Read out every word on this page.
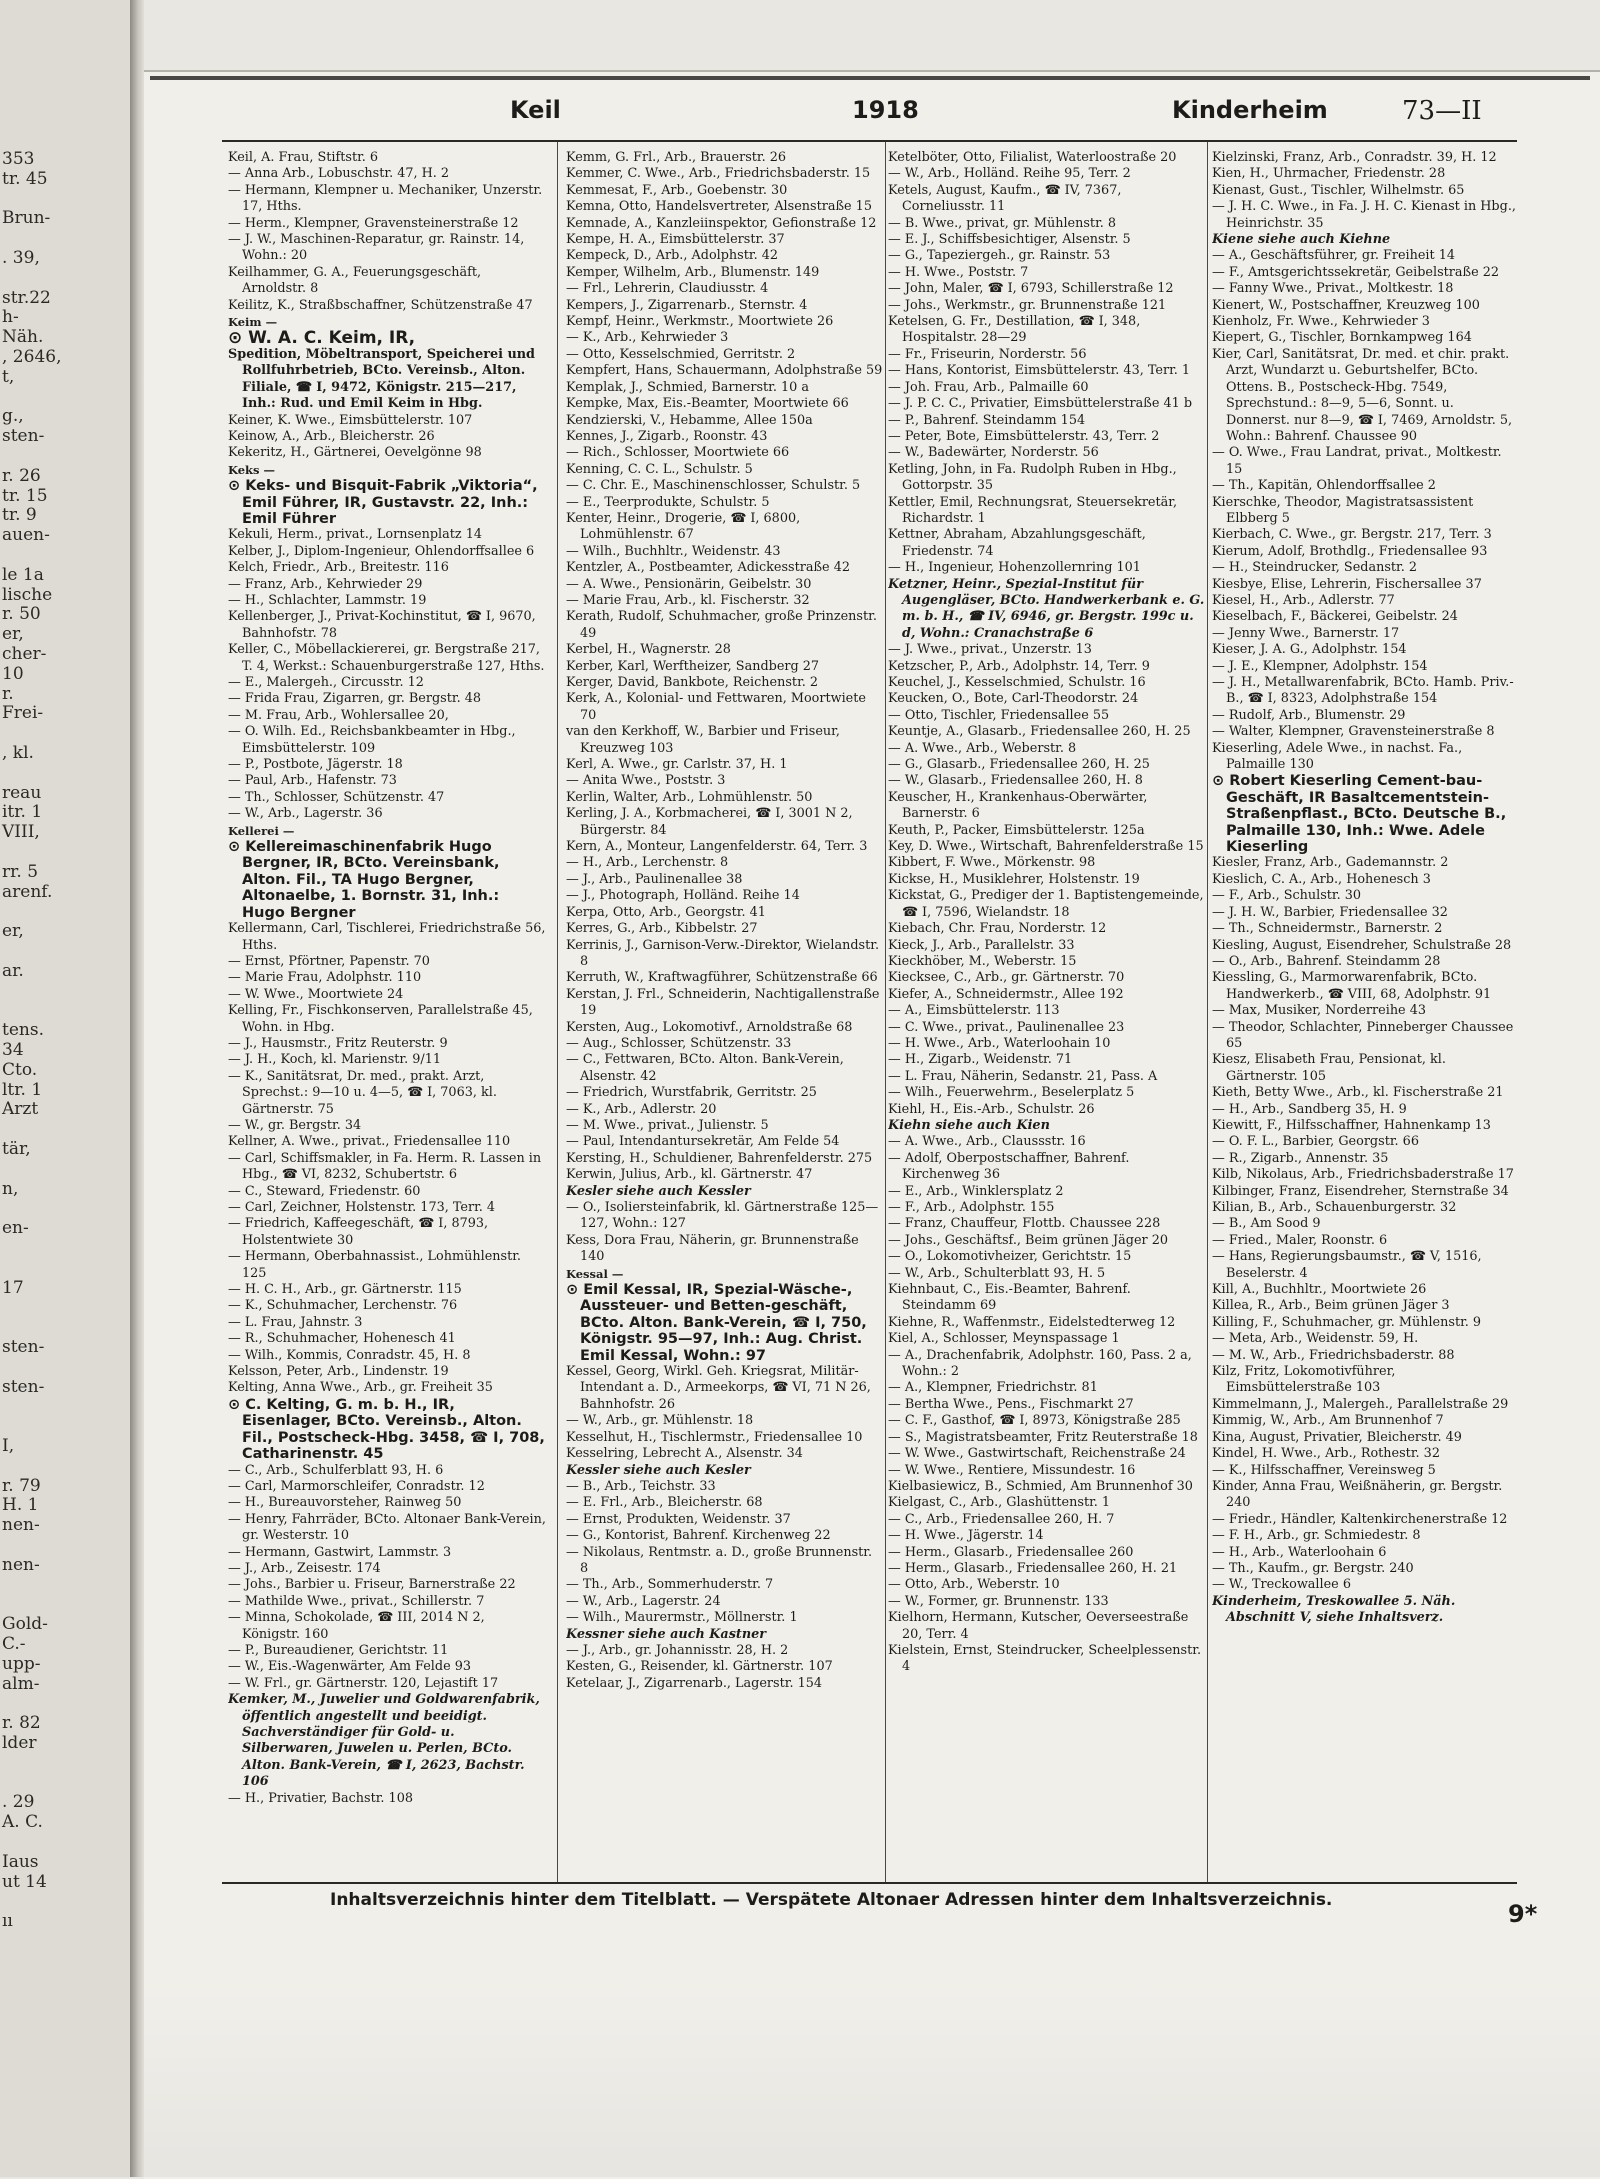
353
tr. 45
Brun-
. 39,
str.22
h-
Näh.
, 2646,
t,
g.,
sten-
r. 26
tr. 15
tr. 9
auen-
le 1a
lische
r. 50
er,
cher-
10
r.
Frei-
, kl.
reau
itr. 1
VIII,
rr. 5
arenf.
er,
ar.
tens.
34
Cto.
ltr. 1
Arzt
tär,
n,
en-
17
sten-
sten-
I,
r. 79
H. 1
nen-
nen-
Gold-
C.-
upp-
alm-
r. 82
lder
. 29
A. C.
Iaus
ut 14
ıı
Keil	1918	Kinderheim	73—II
Keil, A. Frau, Stiftstr. 6
— Anna Arb., Lobuschstr. 47, H. 2
— Hermann, Klempner u. Mechaniker, Unzerstr. 17, Hths.
— Herm., Klempner, Gravensteinerstraße 12
— J. W., Maschinen-Reparatur, gr. Rainstr. 14, Wohn.: 20
Keilhammer, G. A., Feuerungsgeschäft, Arnoldstr. 8
Keilitz, K., Straßbschaffner, Schützenstraße 47
Keim —
⊙ W. A. C. Keim, IR,
Spedition, Möbeltransport, Speicherei und Rollfuhrbetrieb, BCto. Vereinsb., Alton. Filiale, ☎ I, 9472, Königstr. 215—217, Inh.: Rud. und Emil Keim in Hbg.
Keiner, K. Wwe., Eimsbüttelerstr. 107
Keinow, A., Arb., Bleicherstr. 26
Kekeritz, H., Gärtnerei, Oevelgönne 98
Keks —
⊙ Keks- und Bisquit-Fabrik „Viktoria“, Emil Führer, IR, Gustavstr. 22, Inh.: Emil Führer
Kekuli, Herm., privat., Lornsenplatz 14
Kelber, J., Diplom-Ingenieur, Ohlendorffsallee 6
Kelch, Friedr., Arb., Breitestr. 116
— Franz, Arb., Kehrwieder 29
— H., Schlachter, Lammstr. 19
Kellenberger, J., Privat-Kochinstitut, ☎ I, 9670, Bahnhofstr. 78
Keller, C., Möbellackiererei, gr. Bergstraße 217, T. 4, Werkst.: Schauenburgerstraße 127, Hths.
— E., Malergeh., Circusstr. 12
— Frida Frau, Zigarren, gr. Bergstr. 48
— M. Frau, Arb., Wohlersallee 20,
— O. Wilh. Ed., Reichsbankbeamter in Hbg., Eimsbüttelerstr. 109
— P., Postbote, Jägerstr. 18
— Paul, Arb., Hafenstr. 73
— Th., Schlosser, Schützenstr. 47
— W., Arb., Lagerstr. 36
Kellerei —
⊙ Kellereimaschinenfabrik Hugo Bergner, IR, BCto. Vereinsbank, Alton. Fil., TA Hugo Bergner, Altonaelbe, 1. Bornstr. 31, Inh.: Hugo Bergner
Kellermann, Carl, Tischlerei, Friedrichstraße 56, Hths.
— Ernst, Pförtner, Papenstr. 70
— Marie Frau, Adolphstr. 110
— W. Wwe., Moortwiete 24
Kelling, Fr., Fischkonserven, Parallelstraße 45, Wohn. in Hbg.
— J., Hausmstr., Fritz Reuterstr. 9
— J. H., Koch, kl. Marienstr. 9/11
— K., Sanitätsrat, Dr. med., prakt. Arzt, Sprechst.: 9—10 u. 4—5, ☎ I, 7063, kl. Gärtnerstr. 75
— W., gr. Bergstr. 34
Kellner, A. Wwe., privat., Friedensallee 110
— Carl, Schiffsmakler, in Fa. Herm. R. Lassen in Hbg., ☎ VI, 8232, Schubertstr. 6
— C., Steward, Friedenstr. 60
— Carl, Zeichner, Holstenstr. 173, Terr. 4
— Friedrich, Kaffeegeschäft, ☎ I, 8793, Holstentwiete 30
— Hermann, Oberbahnassist., Lohmühlenstr. 125
— H. C. H., Arb., gr. Gärtnerstr. 115
— K., Schuhmacher, Lerchenstr. 76
— L. Frau, Jahnstr. 3
— R., Schuhmacher, Hohenesch 41
— Wilh., Kommis, Conradstr. 45, H. 8
Kelsson, Peter, Arb., Lindenstr. 19
Kelting, Anna Wwe., Arb., gr. Freiheit 35
⊙ C. Kelting, G. m. b. H., IR, Eisenlager, BCto. Vereinsb., Alton. Fil., Postscheck-Hbg. 3458, ☎ I, 708, Catharinenstr. 45
— C., Arb., Schulferblatt 93, H. 6
— Carl, Marmorschleifer, Conradstr. 12
— H., Bureauvorsteher, Rainweg 50
— Henry, Fahrräder, BCto. Altonaer Bank-Verein, gr. Westerstr. 10
— Hermann, Gastwirt, Lammstr. 3
— J., Arb., Zeisestr. 174
— Johs., Barbier u. Friseur, Barnerstraße 22
— Mathilde Wwe., privat., Schillerstr. 7
— Minna, Schokolade, ☎ III, 2014 N 2, Königstr. 160
— P., Bureaudiener, Gerichtstr. 11
— W., Eis.-Wagenwärter, Am Felde 93
— W. Frl., gr. Gärtnerstr. 120, Lejastift 17
Kemker, M., Juwelier und Goldwarenfabrik, öffentlich angestellt und beeidigt. Sachverständiger für Gold- u. Silberwaren, Juwelen u. Perlen, BCto. Alton. Bank-Verein, ☎ I, 2623, Bachstr. 106
— H., Privatier, Bachstr. 108
Kemm, G. Frl., Arb., Brauerstr. 26
Kemmer, C. Wwe., Arb., Friedrichsbaderstr. 15
Kemmesat, F., Arb., Goebenstr. 30
Kemna, Otto, Handelsvertreter, Alsenstraße 15
Kemnade, A., Kanzleiinspektor, Gefionstraße 12
Kempe, H. A., Eimsbüttelerstr. 37
Kempeck, D., Arb., Adolphstr. 42
Kemper, Wilhelm, Arb., Blumenstr. 149
— Frl., Lehrerin, Claudiusstr. 4
Kempers, J., Zigarrenarb., Sternstr. 4
Kempf, Heinr., Werkmstr., Moortwiete 26
— K., Arb., Kehrwieder 3
— Otto, Kesselschmied, Gerritstr. 2
Kempfert, Hans, Schauermann, Adolphstraße 59
Kemplak, J., Schmied, Barnerstr. 10 a
Kempke, Max, Eis.-Beamter, Moortwiete 66
Kendzierski, V., Hebamme, Allee 150a
Kennes, J., Zigarb., Roonstr. 43
— Rich., Schlosser, Moortwiete 66
Kenning, C. C. L., Schulstr. 5
— C. Chr. E., Maschinenschlosser, Schulstr. 5
— E., Teerprodukte, Schulstr. 5
Kenter, Heinr., Drogerie, ☎ I, 6800, Lohmühlenstr. 67
— Wilh., Buchhltr., Weidenstr. 43
Kentzler, A., Postbeamter, Adickesstraße 42
— A. Wwe., Pensionärin, Geibelstr. 30
— Marie Frau, Arb., kl. Fischerstr. 32
Kerath, Rudolf, Schuhmacher, große Prinzenstr. 49
Kerbel, H., Wagnerstr. 28
Kerber, Karl, Werftheizer, Sandberg 27
Kerger, David, Bankbote, Reichenstr. 2
Kerk, A., Kolonial- und Fettwaren, Moortwiete 70
van den Kerkhoff, W., Barbier und Friseur, Kreuzweg 103
Kerl, A. Wwe., gr. Carlstr. 37, H. 1
— Anita Wwe., Poststr. 3
Kerlin, Walter, Arb., Lohmühlenstr. 50
Kerling, J. A., Korbmacherei, ☎ I, 3001 N 2, Bürgerstr. 84
Kern, A., Monteur, Langenfelderstr. 64, Terr. 3
— H., Arb., Lerchenstr. 8
— J., Arb., Paulinenallee 38
— J., Photograph, Holländ. Reihe 14
Kerpa, Otto, Arb., Georgstr. 41
Kerres, G., Arb., Kibbelstr. 27
Kerrinis, J., Garnison-Verw.-Direktor, Wielandstr. 8
Kerruth, W., Kraftwagführer, Schützenstraße 66
Kerstan, J. Frl., Schneiderin, Nachtigallenstraße 19
Kersten, Aug., Lokomotivf., Arnoldstraße 68
— Aug., Schlosser, Schützenstr. 33
— C., Fettwaren, BCto. Alton. Bank-Verein, Alsenstr. 42
— Friedrich, Wurstfabrik, Gerritstr. 25
— K., Arb., Adlerstr. 20
— M. Wwe., privat., Julienstr. 5
— Paul, Intendantursekretär, Am Felde 54
Kersting, H., Schuldiener, Bahrenfelderstr. 275
Kerwin, Julius, Arb., kl. Gärtnerstr. 47
Kesler siehe auch Kessler
— O., Isoliersteinfabrik, kl. Gärtnerstraße 125—127, Wohn.: 127
Kess, Dora Frau, Näherin, gr. Brunnenstraße 140
Kessal —
⊙ Emil Kessal, IR, Spezial-Wäsche-, Aussteuer- und Betten-geschäft, BCto. Alton. Bank-Verein, ☎ I, 750, Königstr. 95—97, Inh.: Aug. Christ. Emil Kessal, Wohn.: 97
Kessel, Georg, Wirkl. Geh. Kriegsrat, Militär-Intendant a. D., Armeekorps, ☎ VI, 71 N 26, Bahnhofstr. 26
— W., Arb., gr. Mühlenstr. 18
Kesselhut, H., Tischlermstr., Friedensallee 10
Kesselring, Lebrecht A., Alsenstr. 34
Kessler siehe auch Kesler
— B., Arb., Teichstr. 33
— E. Frl., Arb., Bleicherstr. 68
— Ernst, Produkten, Weidenstr. 37
— G., Kontorist, Bahrenf. Kirchenweg 22
— Nikolaus, Rentmstr. a. D., große Brunnenstr. 8
— Th., Arb., Sommerhuderstr. 7
— W., Arb., Lagerstr. 24
— Wilh., Maurermstr., Möllnerstr. 1
Kessner siehe auch Kastner
— J., Arb., gr. Johannisstr. 28, H. 2
Kesten, G., Reisender, kl. Gärtnerstr. 107
Ketelaar, J., Zigarrenarb., Lagerstr. 154
Ketelböter, Otto, Filialist, Waterloostraße 20
— W., Arb., Holländ. Reihe 95, Terr. 2
Ketels, August, Kaufm., ☎ IV, 7367, Corneliusstr. 11
— B. Wwe., privat, gr. Mühlenstr. 8
— E. J., Schiffsbesichtiger, Alsenstr. 5
— G., Tapeziergeh., gr. Rainstr. 53
— H. Wwe., Poststr. 7
— John, Maler, ☎ I, 6793, Schillerstraße 12
— Johs., Werkmstr., gr. Brunnenstraße 121
Ketelsen, G. Fr., Destillation, ☎ I, 348, Hospitalstr. 28—29
— Fr., Friseurin, Norderstr. 56
— Hans, Kontorist, Eimsbüttelerstr. 43, Terr. 1
— Joh. Frau, Arb., Palmaille 60
— J. P. C. C., Privatier, Eimsbüttelerstraße 41 b
— P., Bahrenf. Steindamm 154
— Peter, Bote, Eimsbüttelerstr. 43, Terr. 2
— W., Badewärter, Norderstr. 56
Ketling, John, in Fa. Rudolph Ruben in Hbg., Gottorpstr. 35
Kettler, Emil, Rechnungsrat, Steuersekretär, Richardstr. 1
Kettner, Abraham, Abzahlungsgeschäft, Friedenstr. 74
— H., Ingenieur, Hohenzollernring 101
Ketzner, Heinr., Spezial-Institut für Augengläser, BCto. Handwerkerbank e. G. m. b. H., ☎ IV, 6946, gr. Bergstr. 199c u. d, Wohn.: Cranachstraße 6
— J. Wwe., privat., Unzerstr. 13
Ketzscher, P., Arb., Adolphstr. 14, Terr. 9
Keuchel, J., Kesselschmied, Schulstr. 16
Keucken, O., Bote, Carl-Theodorstr. 24
— Otto, Tischler, Friedensallee 55
Keuntje, A., Glasarb., Friedensallee 260, H. 25
— A. Wwe., Arb., Weberstr. 8
— G., Glasarb., Friedensallee 260, H. 25
— W., Glasarb., Friedensallee 260, H. 8
Keuscher, H., Krankenhaus-Oberwärter, Barnerstr. 6
Keuth, P., Packer, Eimsbüttelerstr. 125a
Key, D. Wwe., Wirtschaft, Bahrenfelderstraße 15
Kibbert, F. Wwe., Mörkenstr. 98
Kickse, H., Musiklehrer, Holstenstr. 19
Kickstat, G., Prediger der 1. Baptistengemeinde, ☎ I, 7596, Wielandstr. 18
Kiebach, Chr. Frau, Norderstr. 12
Kieck, J., Arb., Parallelstr. 33
Kieckhöber, M., Weberstr. 15
Kiecksee, C., Arb., gr. Gärtnerstr. 70
Kiefer, A., Schneidermstr., Allee 192
— A., Eimsbüttelerstr. 113
— C. Wwe., privat., Paulinenallee 23
— H. Wwe., Arb., Waterloohain 10
— H., Zigarb., Weidenstr. 71
— L. Frau, Näherin, Sedanstr. 21, Pass. A
— Wilh., Feuerwehrm., Beselerplatz 5
Kiehl, H., Eis.-Arb., Schulstr. 26
Kiehn siehe auch Kien
— A. Wwe., Arb., Claussstr. 16
— Adolf, Oberpostschaffner, Bahrenf. Kirchenweg 36
— E., Arb., Winklersplatz 2
— F., Arb., Adolphstr. 155
— Franz, Chauffeur, Flottb. Chaussee 228
— Johs., Geschäftsf., Beim grünen Jäger 20
— O., Lokomotivheizer, Gerichtstr. 15
— W., Arb., Schulterblatt 93, H. 5
Kiehnbaut, C., Eis.-Beamter, Bahrenf. Steindamm 69
Kiehne, R., Waffenmstr., Eidelstedterweg 12
Kiel, A., Schlosser, Meynspassage 1
— A., Drachenfabrik, Adolphstr. 160, Pass. 2 a, Wohn.: 2
— A., Klempner, Friedrichstr. 81
— Bertha Wwe., Pens., Fischmarkt 27
— C. F., Gasthof, ☎ I, 8973, Königstraße 285
— S., Magistratsbeamter, Fritz Reuterstraße 18
— W. Wwe., Gastwirtschaft, Reichenstraße 24
— W. Wwe., Rentiere, Missundestr. 16
Kielbasiewicz, B., Schmied, Am Brunnenhof 30
Kielgast, C., Arb., Glashüttenstr. 1
— C., Arb., Friedensallee 260, H. 7
— H. Wwe., Jägerstr. 14
— Herm., Glasarb., Friedensallee 260
— Herm., Glasarb., Friedensallee 260, H. 21
— Otto, Arb., Weberstr. 10
— W., Former, gr. Brunnenstr. 133
Kielhorn, Hermann, Kutscher, Oeverseestraße 20, Terr. 4
Kielstein, Ernst, Steindrucker, Scheelplessenstr. 4
Kielzinski, Franz, Arb., Conradstr. 39, H. 12
Kien, H., Uhrmacher, Friedenstr. 28
Kienast, Gust., Tischler, Wilhelmstr. 65
— J. H. C. Wwe., in Fa. J. H. C. Kienast in Hbg., Heinrichstr. 35
Kiene siehe auch Kiehne
— A., Geschäftsführer, gr. Freiheit 14
— F., Amtsgerichtssekretär, Geibelstraße 22
— Fanny Wwe., Privat., Moltkestr. 18
Kienert, W., Postschaffner, Kreuzweg 100
Kienholz, Fr. Wwe., Kehrwieder 3
Kiepert, G., Tischler, Bornkampweg 164
Kier, Carl, Sanitätsrat, Dr. med. et chir. prakt. Arzt, Wundarzt u. Geburtshelfer, BCto. Ottens. B., Postscheck-Hbg. 7549, Sprechstund.: 8—9, 5—6, Sonnt. u. Donnerst. nur 8—9, ☎ I, 7469, Arnoldstr. 5, Wohn.: Bahrenf. Chaussee 90
— O. Wwe., Frau Landrat, privat., Moltkestr. 15
— Th., Kapitän, Ohlendorffsallee 2
Kierschke, Theodor, Magistratsassistent Elbberg 5
Kierbach, C. Wwe., gr. Bergstr. 217, Terr. 3
Kierum, Adolf, Brothdlg., Friedensallee 93
— H., Steindrucker, Sedanstr. 2
Kiesbye, Elise, Lehrerin, Fischersallee 37
Kiesel, H., Arb., Adlerstr. 77
Kieselbach, F., Bäckerei, Geibelstr. 24
— Jenny Wwe., Barnerstr. 17
Kieser, J. A. G., Adolphstr. 154
— J. E., Klempner, Adolphstr. 154
— J. H., Metallwarenfabrik, BCto. Hamb. Priv.-B., ☎ I, 8323, Adolphstraße 154
— Rudolf, Arb., Blumenstr. 29
— Walter, Klempner, Gravensteinerstraße 8
Kieserling, Adele Wwe., in nachst. Fa., Palmaille 130
⊙ Robert Kieserling Cement-bau-Geschäft, IR Basaltcementstein-Straßenpflast., BCto. Deutsche B., Palmaille 130, Inh.: Wwe. Adele Kieserling
Kiesler, Franz, Arb., Gademannstr. 2
Kieslich, C. A., Arb., Hohenesch 3
— F., Arb., Schulstr. 30
— J. H. W., Barbier, Friedensallee 32
— Th., Schneidermstr., Barnerstr. 2
Kiesling, August, Eisendreher, Schulstraße 28
— O., Arb., Bahrenf. Steindamm 28
Kiessling, G., Marmorwarenfabrik, BCto. Handwerkerb., ☎ VIII, 68, Adolphstr. 91
— Max, Musiker, Norderreihe 43
— Theodor, Schlachter, Pinneberger Chaussee 65
Kiesz, Elisabeth Frau, Pensionat, kl. Gärtnerstr. 105
Kieth, Betty Wwe., Arb., kl. Fischerstraße 21
— H., Arb., Sandberg 35, H. 9
Kiewitt, F., Hilfsschaffner, Hahnenkamp 13
— O. F. L., Barbier, Georgstr. 66
— R., Zigarb., Annenstr. 35
Kilb, Nikolaus, Arb., Friedrichsbaderstraße 17
Kilbinger, Franz, Eisendreher, Sternstraße 34
Kilian, B., Arb., Schauenburgerstr. 32
— B., Am Sood 9
— Fried., Maler, Roonstr. 6
— Hans, Regierungsbaumstr., ☎ V, 1516, Beselerstr. 4
Kill, A., Buchhltr., Moortwiete 26
Killea, R., Arb., Beim grünen Jäger 3
Killing, F., Schuhmacher, gr. Mühlenstr. 9
— Meta, Arb., Weidenstr. 59, H.
— M. W., Arb., Friedrichsbaderstr. 88
Kilz, Fritz, Lokomotivführer, Eimsbüttelerstraße 103
Kimmelmann, J., Malergeh., Parallelstraße 29
Kimmig, W., Arb., Am Brunnenhof 7
Kina, August, Privatier, Bleicherstr. 49
Kindel, H. Wwe., Arb., Rothestr. 32
— K., Hilfsschaffner, Vereinsweg 5
Kinder, Anna Frau, Weißnäherin, gr. Bergstr. 240
— Friedr., Händler, Kaltenkirchenerstraße 12
— F. H., Arb., gr. Schmiedestr. 8
— H., Arb., Waterloohain 6
— Th., Kaufm., gr. Bergstr. 240
— W., Treckowallee 6
Kinderheim, Treskowallee 5. Näh. Abschnitt V, siehe Inhaltsverz.
Inhaltsverzeichnis hinter dem Titelblatt. — Verspätete Altonaer Adressen hinter dem Inhaltsverzeichnis.	9*
